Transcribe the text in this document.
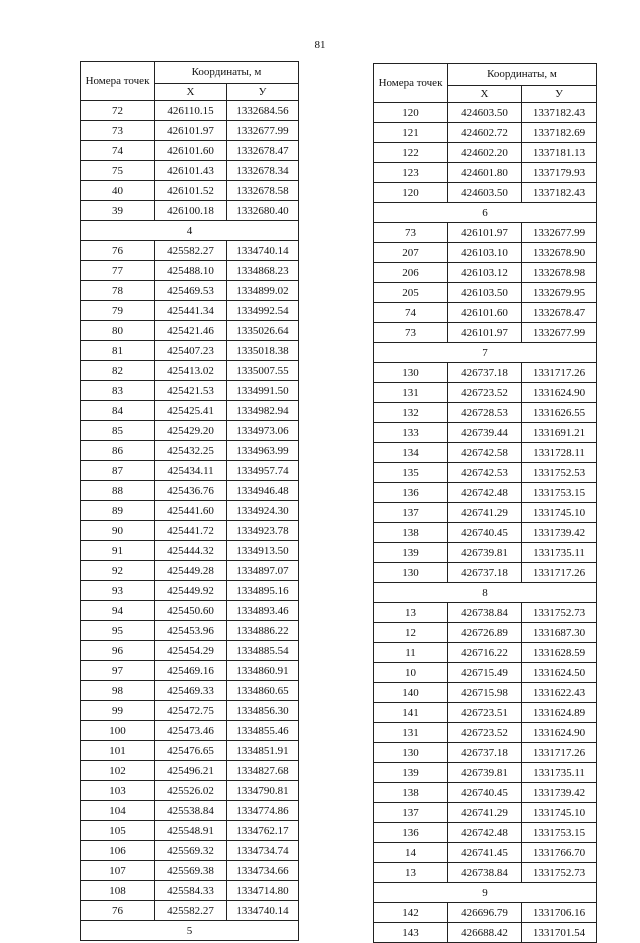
81
Номера точек	Координаты, м	
	X	У
72	426110.15	1332684.56
73	426101.97	1332677.99
74	426101.60	1332678.47
75	426101.43	1332678.34
40	426101.52	1332678.58
39	426100.18	1332680.40
4		
76	425582.27	1334740.14
77	425488.10	1334868.23
78	425469.53	1334899.02
79	425441.34	1334992.54
80	425421.46	1335026.64
81	425407.23	1335018.38
82	425413.02	1335007.55
83	425421.53	1334991.50
84	425425.41	1334982.94
85	425429.20	1334973.06
86	425432.25	1334963.99
87	425434.11	1334957.74
88	425436.76	1334946.48
89	425441.60	1334924.30
90	425441.72	1334923.78
91	425444.32	1334913.50
92	425449.28	1334897.07
93	425449.92	1334895.16
94	425450.60	1334893.46
95	425453.96	1334886.22
96	425454.29	1334885.54
97	425469.16	1334860.91
98	425469.33	1334860.65
99	425472.75	1334856.30
100	425473.46	1334855.46
101	425476.65	1334851.91
102	425496.21	1334827.68
103	425526.02	1334790.81
104	425538.84	1334774.86
105	425548.91	1334762.17
106	425569.32	1334734.74
107	425569.38	1334734.66
108	425584.33	1334714.80
76	425582.27	1334740.14
5		
Номера точек	Координаты, м	
	X	У
120	424603.50	1337182.43
121	424602.72	1337182.69
122	424602.20	1337181.13
123	424601.80	1337179.93
120	424603.50	1337182.43
6		
73	426101.97	1332677.99
207	426103.10	1332678.90
206	426103.12	1332678.98
205	426103.50	1332679.95
74	426101.60	1332678.47
73	426101.97	1332677.99
7		
130	426737.18	1331717.26
131	426723.52	1331624.90
132	426728.53	1331626.55
133	426739.44	1331691.21
134	426742.58	1331728.11
135	426742.53	1331752.53
136	426742.48	1331753.15
137	426741.29	1331745.10
138	426740.45	1331739.42
139	426739.81	1331735.11
130	426737.18	1331717.26
8		
13	426738.84	1331752.73
12	426726.89	1331687.30
11	426716.22	1331628.59
10	426715.49	1331624.50
140	426715.98	1331622.43
141	426723.51	1331624.89
131	426723.52	1331624.90
130	426737.18	1331717.26
139	426739.81	1331735.11
138	426740.45	1331739.42
137	426741.29	1331745.10
136	426742.48	1331753.15
14	426741.45	1331766.70
13	426738.84	1331752.73
9		
142	426696.79	1331706.16
143	426688.42	1331701.54
